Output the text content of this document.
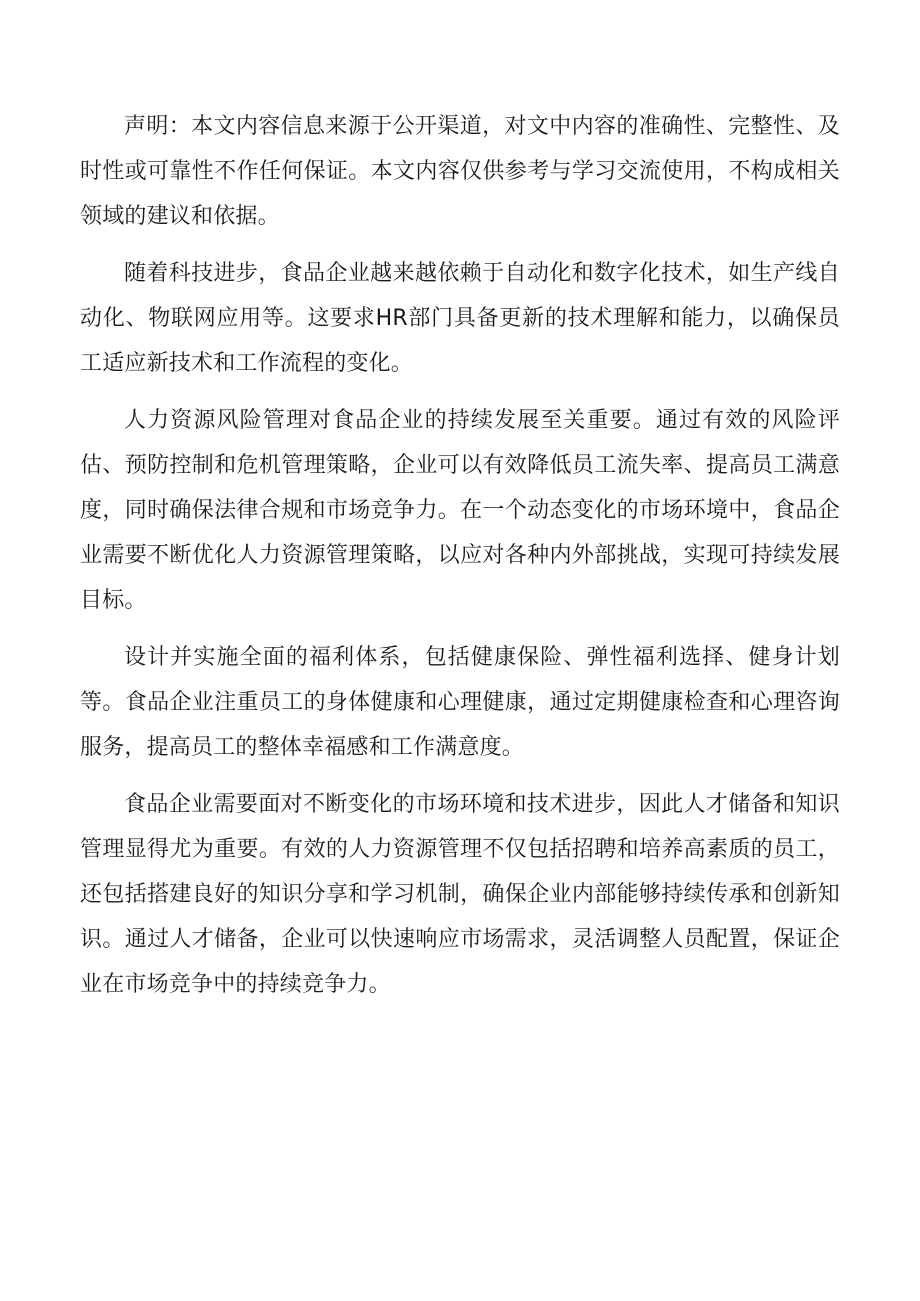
声明：本文内容信息来源于公开渠道，对文中内容的准确性、完整性、及时性或可靠性不作任何保证。本文内容仅供参考与学习交流使用，不构成相关领域的建议和依据。

随着科技进步，食品企业越来越依赖于自动化和数字化技术，如生产线自动化、物联网应用等。这要求HR部门具备更新的技术理解和能力，以确保员工适应新技术和工作流程的变化。

人力资源风险管理对食品企业的持续发展至关重要。通过有效的风险评估、预防控制和危机管理策略，企业可以有效降低员工流失率、提高员工满意度，同时确保法律合规和市场竞争力。在一个动态变化的市场环境中，食品企业需要不断优化人力资源管理策略，以应对各种内外部挑战，实现可持续发展目标。

设计并实施全面的福利体系，包括健康保险、弹性福利选择、健身计划等。食品企业注重员工的身体健康和心理健康，通过定期健康检查和心理咨询服务，提高员工的整体幸福感和工作满意度。

食品企业需要面对不断变化的市场环境和技术进步，因此人才储备和知识管理显得尤为重要。有效的人力资源管理不仅包括招聘和培养高素质的员工，还包括搭建良好的知识分享和学习机制，确保企业内部能够持续传承和创新知识。通过人才储备，企业可以快速响应市场需求，灵活调整人员配置，保证企业在市场竞争中的持续竞争力。
